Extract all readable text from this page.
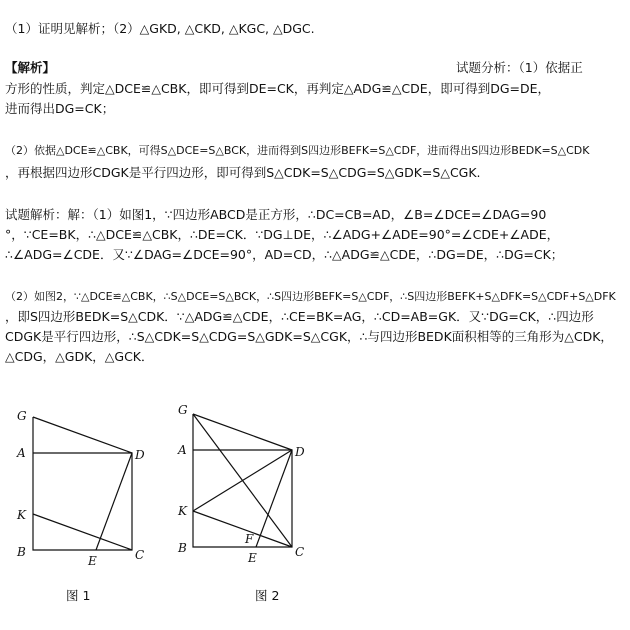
（1）证明见解析；（2）△GKD, △CKD, △KGC, △DGC.
【解析】	试题分析：（1）依据正
方形的性质，判定△DCE≌△CBK，即可得到DE=CK，再判定△ADG≌△CDE，即可得到DG=DE，
进而得出DG=CK；
（2）依据△DCE≌△CBK，可得S△DCE=S△BCK，进而得到S四边形BEFK=S△CDF，进而得出S四边形BEDK=S△CDK
，再根据四边形CDGK是平行四边形，即可得到S△CDK=S△CDG=S△GDK=S△CGK.
试题解析：解：（1）如图1，∵四边形ABCD是正方形，∴DC=CB=AD，∠B=∠DCE=∠DAG=90
°，∵CE=BK，∴△DCE≌△CBK，∴DE=CK．∵DG⊥DE，∴∠ADG+∠ADE=90°=∠CDE+∠ADE，
∴∠ADG=∠CDE．又∵∠DAG=∠DCE=90°，AD=CD，∴△ADG≌△CDE，∴DG=DE，∴DG=CK；
（2）如图2，∵△DCE≌△CBK，∴S△DCE=S△BCK，∴S四边形BEFK=S△CDF，∴S四边形BEFK+S△DFK=S△CDF+S△DFK
，即S四边形BEDK=S△CDK．∵△ADG≌△CDE，∴CE=BK=AG，∴CD=AB=GK．又∵DG=CK，∴四边形
CDGK是平行四边形，∴S△CDK=S△CDG=S△GDK=S△CGK，∴与四边形BEDK面积相等的三角形为△CDK，
△CDG，△GDK，△GCK．
G
A	D
K
B
E	C
图 1
G
A	D
K
F
B
E	C
图 2
